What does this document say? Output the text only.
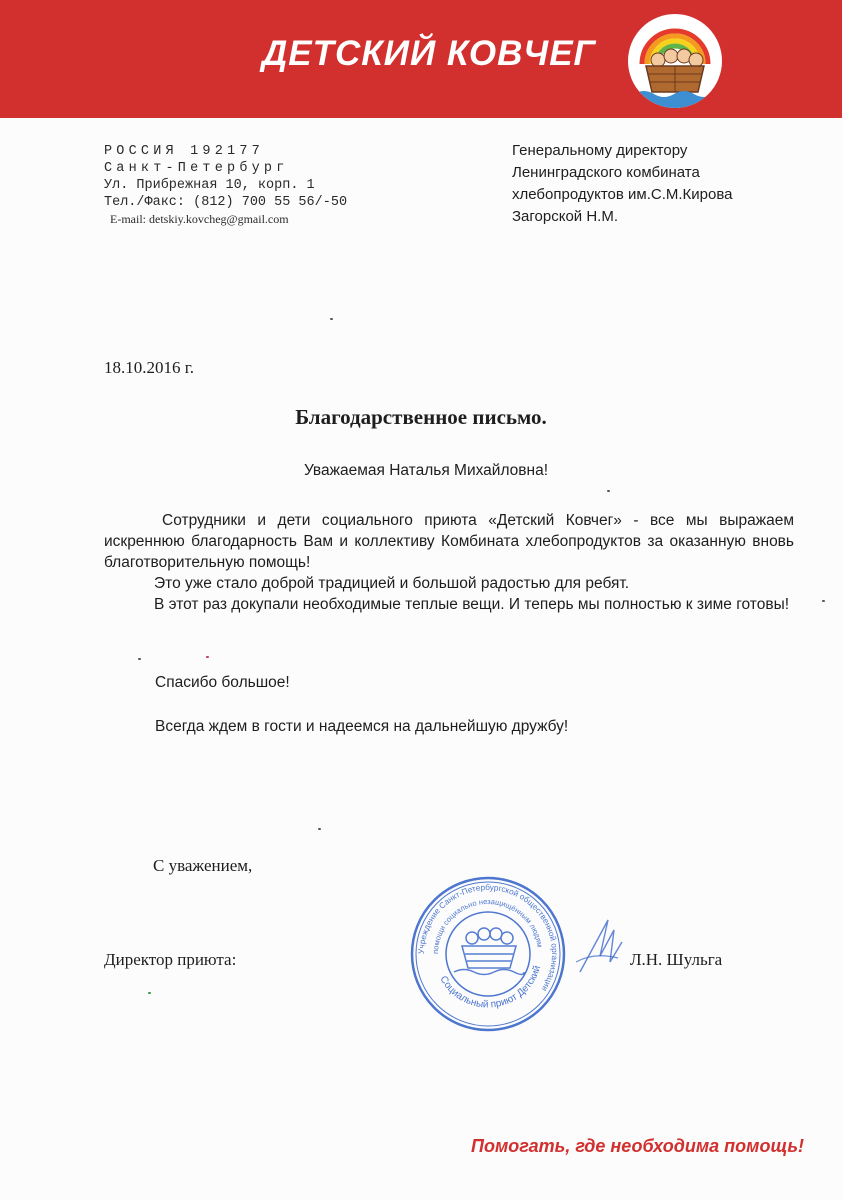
ДЕТСКИЙ КОВЧЕГ
РОССИЯ 192177
Санкт-Петербург
Ул. Прибрежная 10, корп. 1
Тел./Факс: (812) 700 55 56/-50
E-mail: detskiy.kovcheg@gmail.com
Генеральному директору
Ленинградского комбината
хлебопродуктов им.С.М.Кирова
Загорской Н.М.
18.10.2016 г.
Благодарственное письмо.
Уважаемая Наталья Михайловна!
Сотрудники и дети социального приюта «Детский Ковчег» - все мы выражаем искреннюю благодарность Вам и коллективу Комбината хлебопродуктов за оказанную вновь благотворительную помощь!
Это уже стало доброй традицией и большой радостью для ребят.
В этот раз докупали необходимые теплые вещи. И теперь мы полностью к зиме готовы!
Спасибо большое!
Всегда ждем в гости и надеемся на дальнейшую дружбу!
С уважением,
Директор приюта:	Л.Н. Шульга
Учреждение Санкт-Петербургской общественной организации
помощи социально незащищённым людям
Социальный приют Детский
Помогать, где необходима помощь!
